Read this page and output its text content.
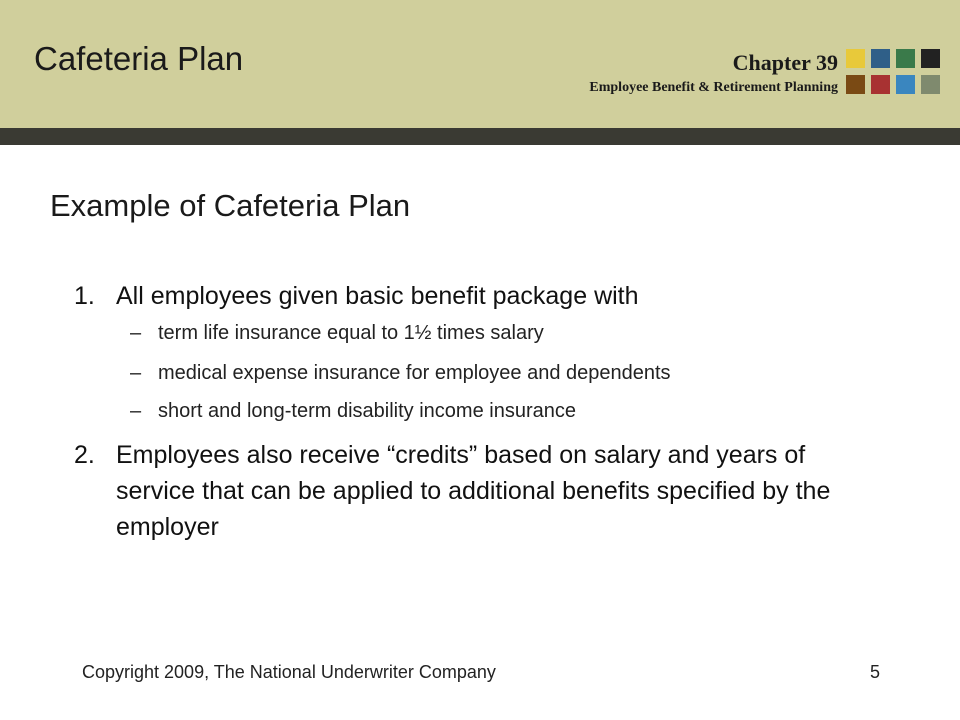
Cafeteria Plan	Chapter 39
Employee Benefit & Retirement Planning
Example of Cafeteria Plan
1. All employees given basic benefit package with
– term life insurance equal to 1½ times salary
– medical expense insurance for employee and dependents
– short and long-term disability income insurance
2. Employees also receive “credits” based on salary and years of service that can be applied to additional benefits specified by the employer
Copyright 2009, The National Underwriter Company	5
